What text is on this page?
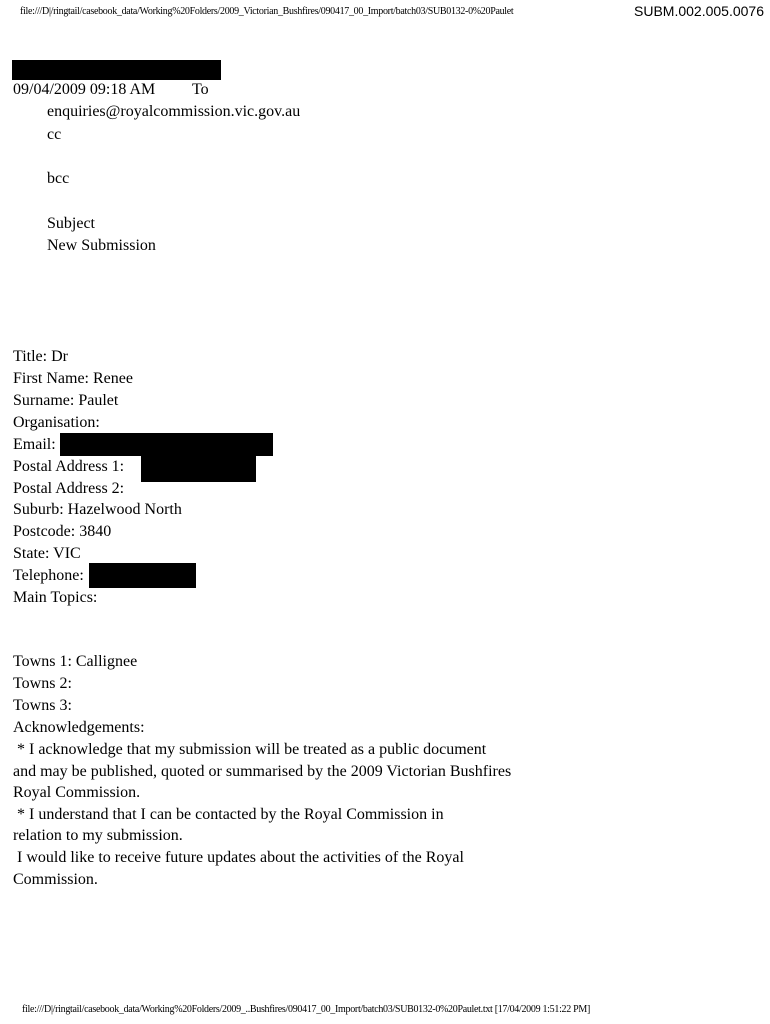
file:///D|/ringtail/casebook_data/Working%20Folders/2009_Victorian_Bushfires/090417_00_Import/batch03/SUB0132-0%20Paulet	SUBM.002.005.0076
09/04/2009 09:18 AM To
enquiries@royalcommission.vic.gov.au
cc
bcc
Subject
New Submission
Title: Dr
First Name: Renee
Surname: Paulet
Organisation:
Email:
Postal Address 1:
Postal Address 2:
Suburb: Hazelwood North
Postcode: 3840
State: VIC
Telephone:
Main Topics:
Towns 1: Callignee
Towns 2:
Towns 3:
Acknowledgements:
* I acknowledge that my submission will be treated as a public document
and may be published, quoted or summarised by the 2009 Victorian Bushfires
Royal Commission.
* I understand that I can be contacted by the Royal Commission in
relation to my submission.
I would like to receive future updates about the activities of the Royal
Commission.
file:///D|/ringtail/casebook_data/Working%20Folders/2009_..Bushfires/090417_00_Import/batch03/SUB0132-0%20Paulet.txt [17/04/2009 1:51:22 PM]
